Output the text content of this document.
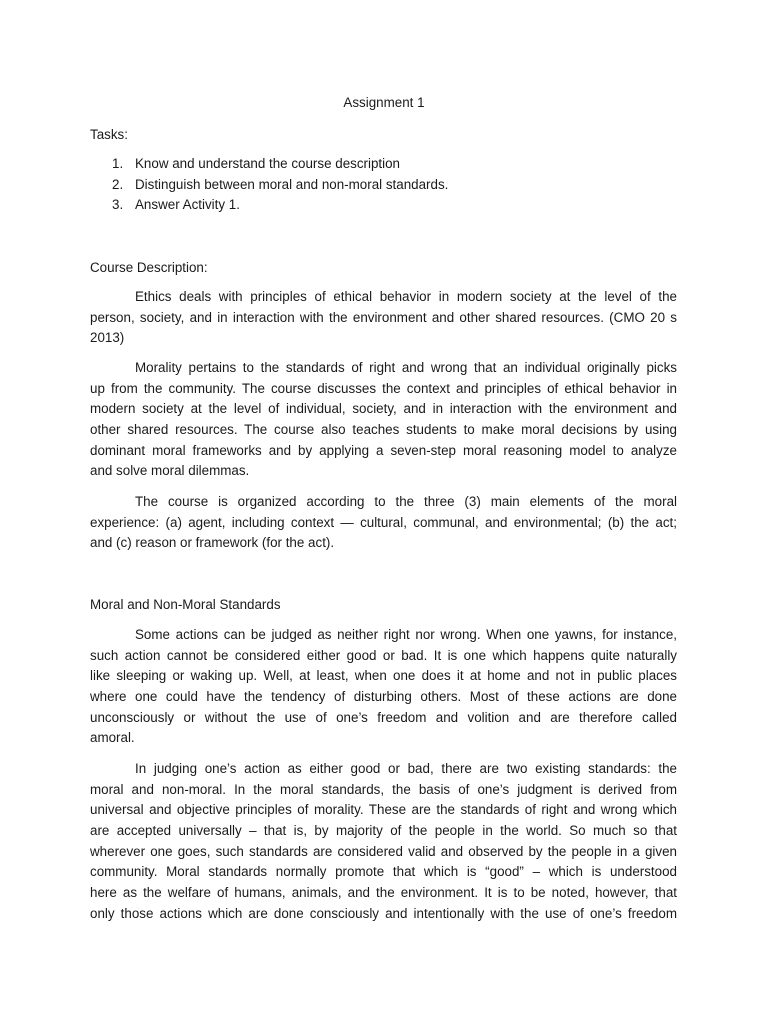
Assignment 1

Tasks:

1. Know and understand the course description
2. Distinguish between moral and non-moral standards.
3. Answer Activity 1.
Course Description:
Ethics deals with principles of ethical behavior in modern society at the level of the
person, society, and in interaction with the environment and other shared resources. (CMO 20 s
2013)
Morality pertains to the standards of right and wrong that an individual originally picks
up from the community. The course discusses the context and principles of ethical behavior in
modern society at the level of individual, society, and in interaction with the environment and
other shared resources. The course also teaches students to make moral decisions by using
dominant moral frameworks and by applying a seven-step moral reasoning model to analyze
and solve moral dilemmas.
The course is organized according to the three (3) main elements of the moral
experience: (a) agent, including context — cultural, communal, and environmental; (b) the act;
and (c) reason or framework (for the act).
Moral and Non-Moral Standards
Some actions can be judged as neither right nor wrong. When one yawns, for instance,
such action cannot be considered either good or bad. It is one which happens quite naturally
like sleeping or waking up. Well, at least, when one does it at home and not in public places
where one could have the tendency of disturbing others. Most of these actions are done
unconsciously or without the use of one’s freedom and volition and are therefore called
amoral.
In judging one’s action as either good or bad, there are two existing standards: the
moral and non-moral. In the moral standards, the basis of one’s judgment is derived from
universal and objective principles of morality. These are the standards of right and wrong which
are accepted universally – that is, by majority of the people in the world. So much so that
wherever one goes, such standards are considered valid and observed by the people in a given
community. Moral standards normally promote that which is “good” – which is understood
here as the welfare of humans, animals, and the environment. It is to be noted, however, that
only those actions which are done consciously and intentionally with the use of one’s freedom
